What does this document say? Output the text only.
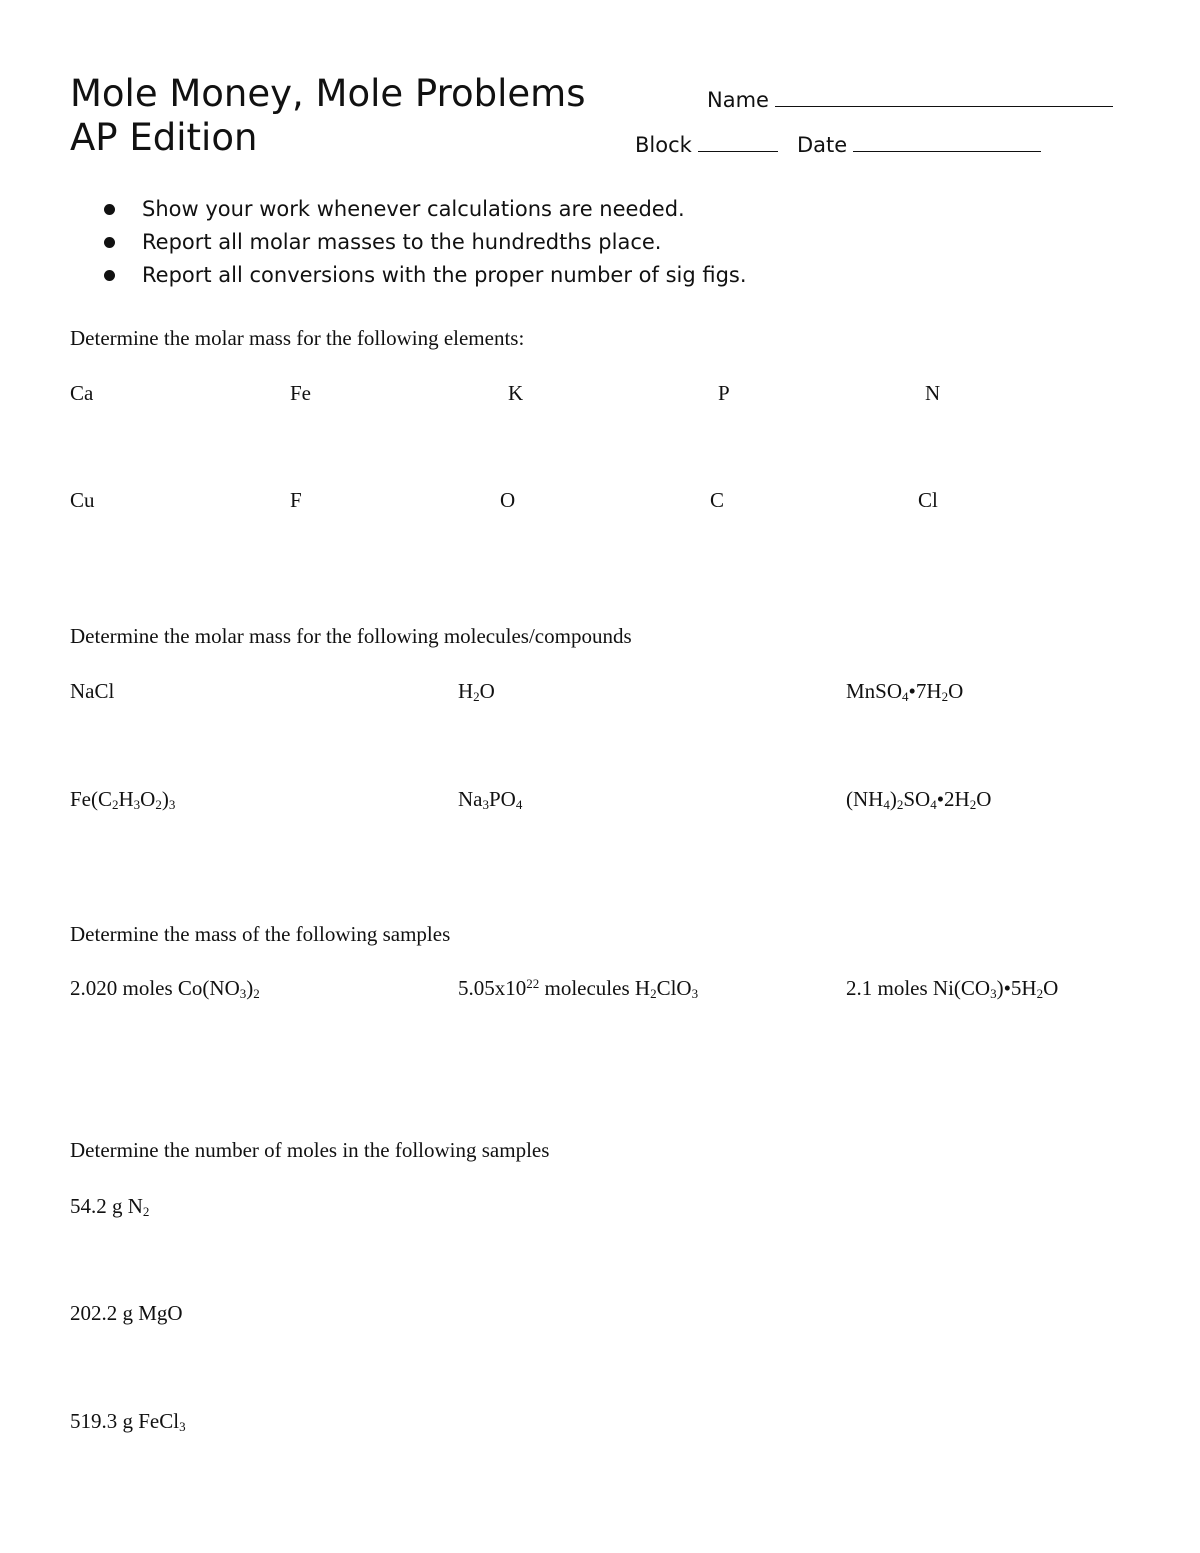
Mole Money, Mole Problems
AP Edition
Name
Block	Date
Show your work whenever calculations are needed.
Report all molar masses to the hundredths place.
Report all conversions with the proper number of sig figs.
Determine the molar mass for the following elements:
Ca	Fe	K	P	N
Cu	F	O	C	Cl
Determine the molar mass for the following molecules/compounds
NaCl	$H_2O$	$MnSO_4•7H_2O$
$Fe(C_2H_3O_2)_3$	$Na_3PO_4$	$(NH_4)_2SO_4•2H_2O$
Determine the mass of the following samples
2.020 moles $Co(NO_3)_2$	$5.05x10^{22}$ molecules $H_2ClO_3$	2.1 moles $Ni(CO_3)•5H_2O$
Determine the number of moles in the following samples
54.2 g $N_2$
202.2 g MgO
519.3 g FeCl$_3$
